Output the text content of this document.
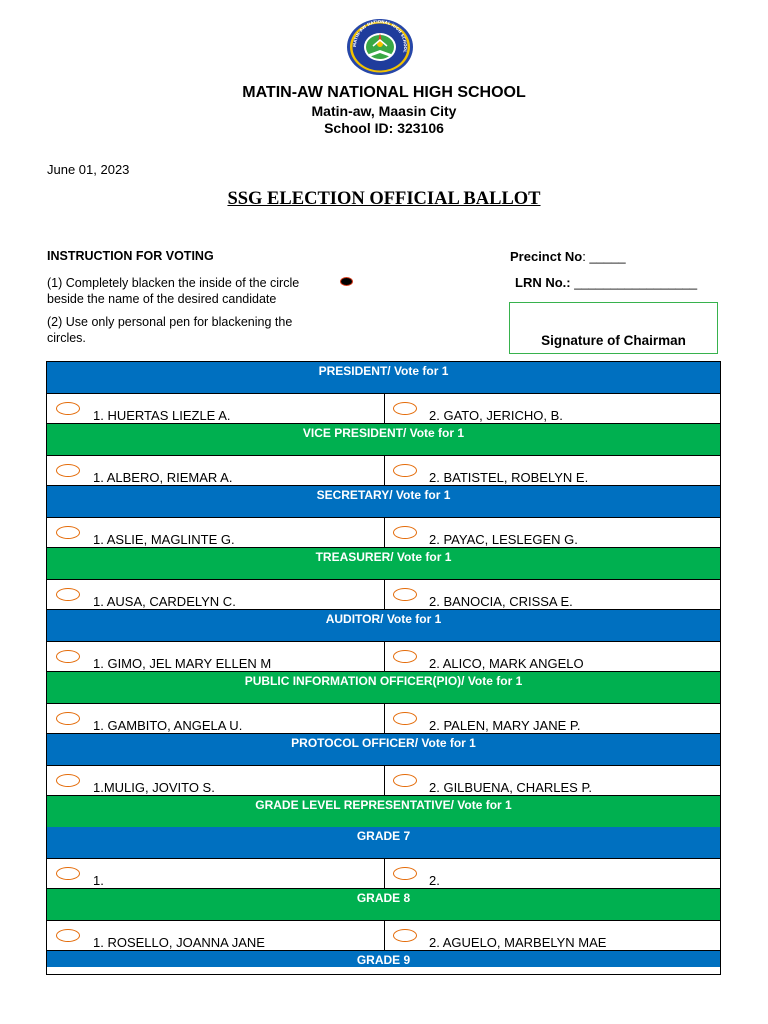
MATIN-AW NATIONAL HIGH SCHOOL
MATIN-AW NATIONAL HIGH SCHOOL
Matin-aw, Maasin City
School ID: 323106
June 01, 2023
SSG ELECTION OFFICIAL BALLOT
INSTRUCTION FOR VOTING
(1) Completely blacken the inside of the circle
beside the name of the desired candidate
(2) Use only personal pen for blackening the
circles.
Precinct No: _____
LRN No.: _________________
Signature of Chairman
PRESIDENT/ Vote for 1
1. HUERTAS LIEZLE A.	2. GATO, JERICHO, B.
VICE PRESIDENT/ Vote for 1
1. ALBERO, RIEMAR A.	2. BATISTEL, ROBELYN E.
SECRETARY/ Vote for 1
1. ASLIE, MAGLINTE G.	2. PAYAC, LESLEGEN G.
TREASURER/ Vote for 1
1. AUSA, CARDELYN C.	2. BANOCIA, CRISSA E.
AUDITOR/ Vote for 1
1. GIMO, JEL MARY ELLEN M	2. ALICO, MARK ANGELO
PUBLIC INFORMATION OFFICER(PIO)/ Vote for 1
1. GAMBITO, ANGELA U.	2. PALEN, MARY JANE P.
PROTOCOL OFFICER/ Vote for 1
1.MULIG, JOVITO S.	2. GILBUENA, CHARLES P.
GRADE LEVEL REPRESENTATIVE/ Vote for 1
GRADE 7
1.	2.
GRADE 8
1. ROSELLO, JOANNA JANE	2. AGUELO, MARBELYN MAE
GRADE 9
